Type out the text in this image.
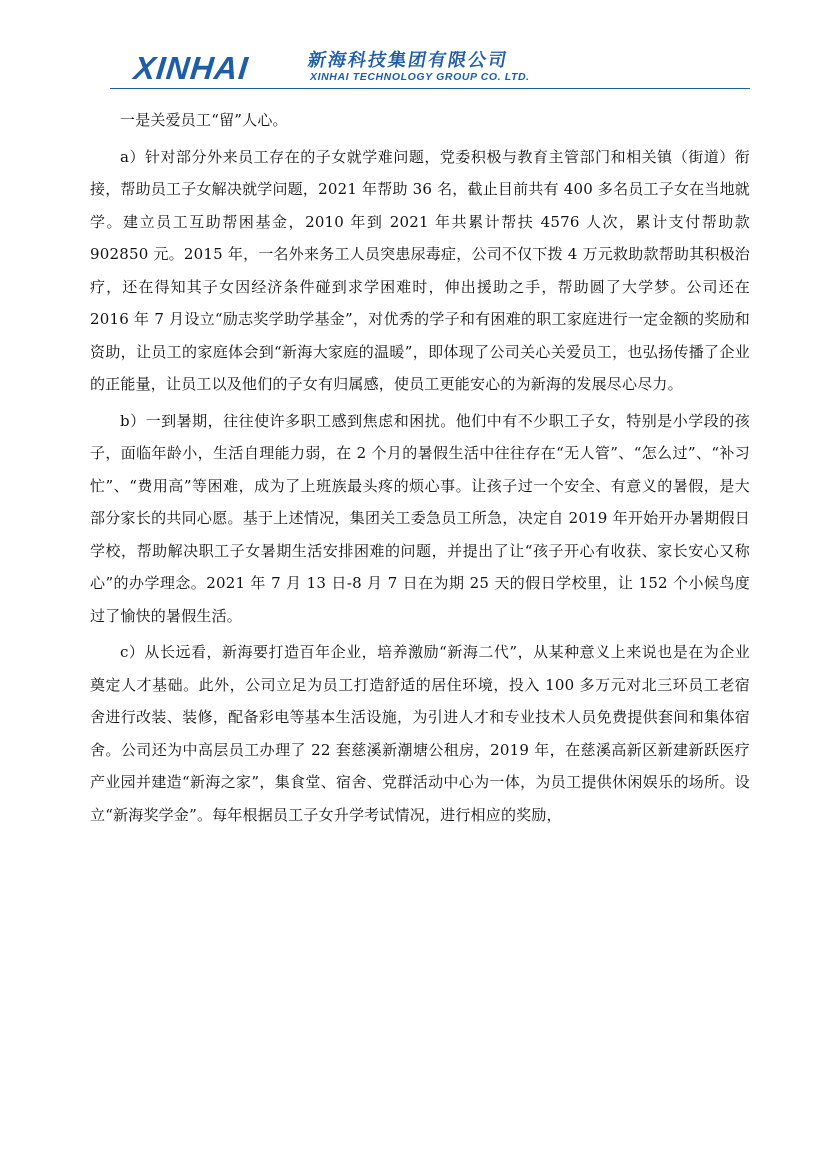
XINHAI	新海科技集团有限公司
XINHAI TECHNOLOGY GROUP CO. LTD.

一是关爱员工“留”人心。

a）针对部分外来员工存在的子女就学难问题，党委积极与教育主管部门和相关镇（街道）衔接，帮助员工子女解决就学问题，2021 年帮助 36 名，截止目前共有 400 多名员工子女在当地就学。建立员工互助帮困基金，2010 年到 2021 年共累计帮扶 4576 人次，累计支付帮助款 902850 元。2015 年，一名外来务工人员突患尿毒症，公司不仅下拨 4 万元救助款帮助其积极治疗，还在得知其子女因经济条件碰到求学困难时，伸出援助之手，帮助圆了大学梦。公司还在 2016 年 7 月设立“励志奖学助学基金”，对优秀的学子和有困难的职工家庭进行一定金额的奖励和资助，让员工的家庭体会到“新海大家庭的温暖”，即体现了公司关心关爱员工，也弘扬传播了企业的正能量，让员工以及他们的子女有归属感，使员工更能安心的为新海的发展尽心尽力。

b）一到暑期，往往使许多职工感到焦虑和困扰。他们中有不少职工子女，特别是小学段的孩子，面临年龄小，生活自理能力弱，在 2 个月的暑假生活中往往存在“无人管”、“怎么过”、“补习忙”、“费用高”等困难，成为了上班族最头疼的烦心事。让孩子过一个安全、有意义的暑假，是大部分家长的共同心愿。基于上述情况，集团关工委急员工所急，决定自 2019 年开始开办暑期假日学校，帮助解决职工子女暑期生活安排困难的问题，并提出了让“孩子开心有收获、家长安心又称心”的办学理念。2021 年 7 月 13 日-8 月 7 日在为期 25 天的假日学校里，让 152 个小候鸟度过了愉快的暑假生活。

c）从长远看，新海要打造百年企业，培养激励“新海二代”，从某种意义上来说也是在为企业奠定人才基础。此外，公司立足为员工打造舒适的居住环境，投入 100 多万元对北三环员工老宿舍进行改装、装修，配备彩电等基本生活设施，为引进人才和专业技术人员免费提供套间和集体宿舍。公司还为中高层员工办理了 22 套慈溪新潮塘公租房，2019 年，在慈溪高新区新建新跃医疗产业园并建造“新海之家”，集食堂、宿舍、党群活动中心为一体，为员工提供休闲娱乐的场所。设立“新海奖学金”。每年根据员工子女升学考试情况，进行相应的奖励，
